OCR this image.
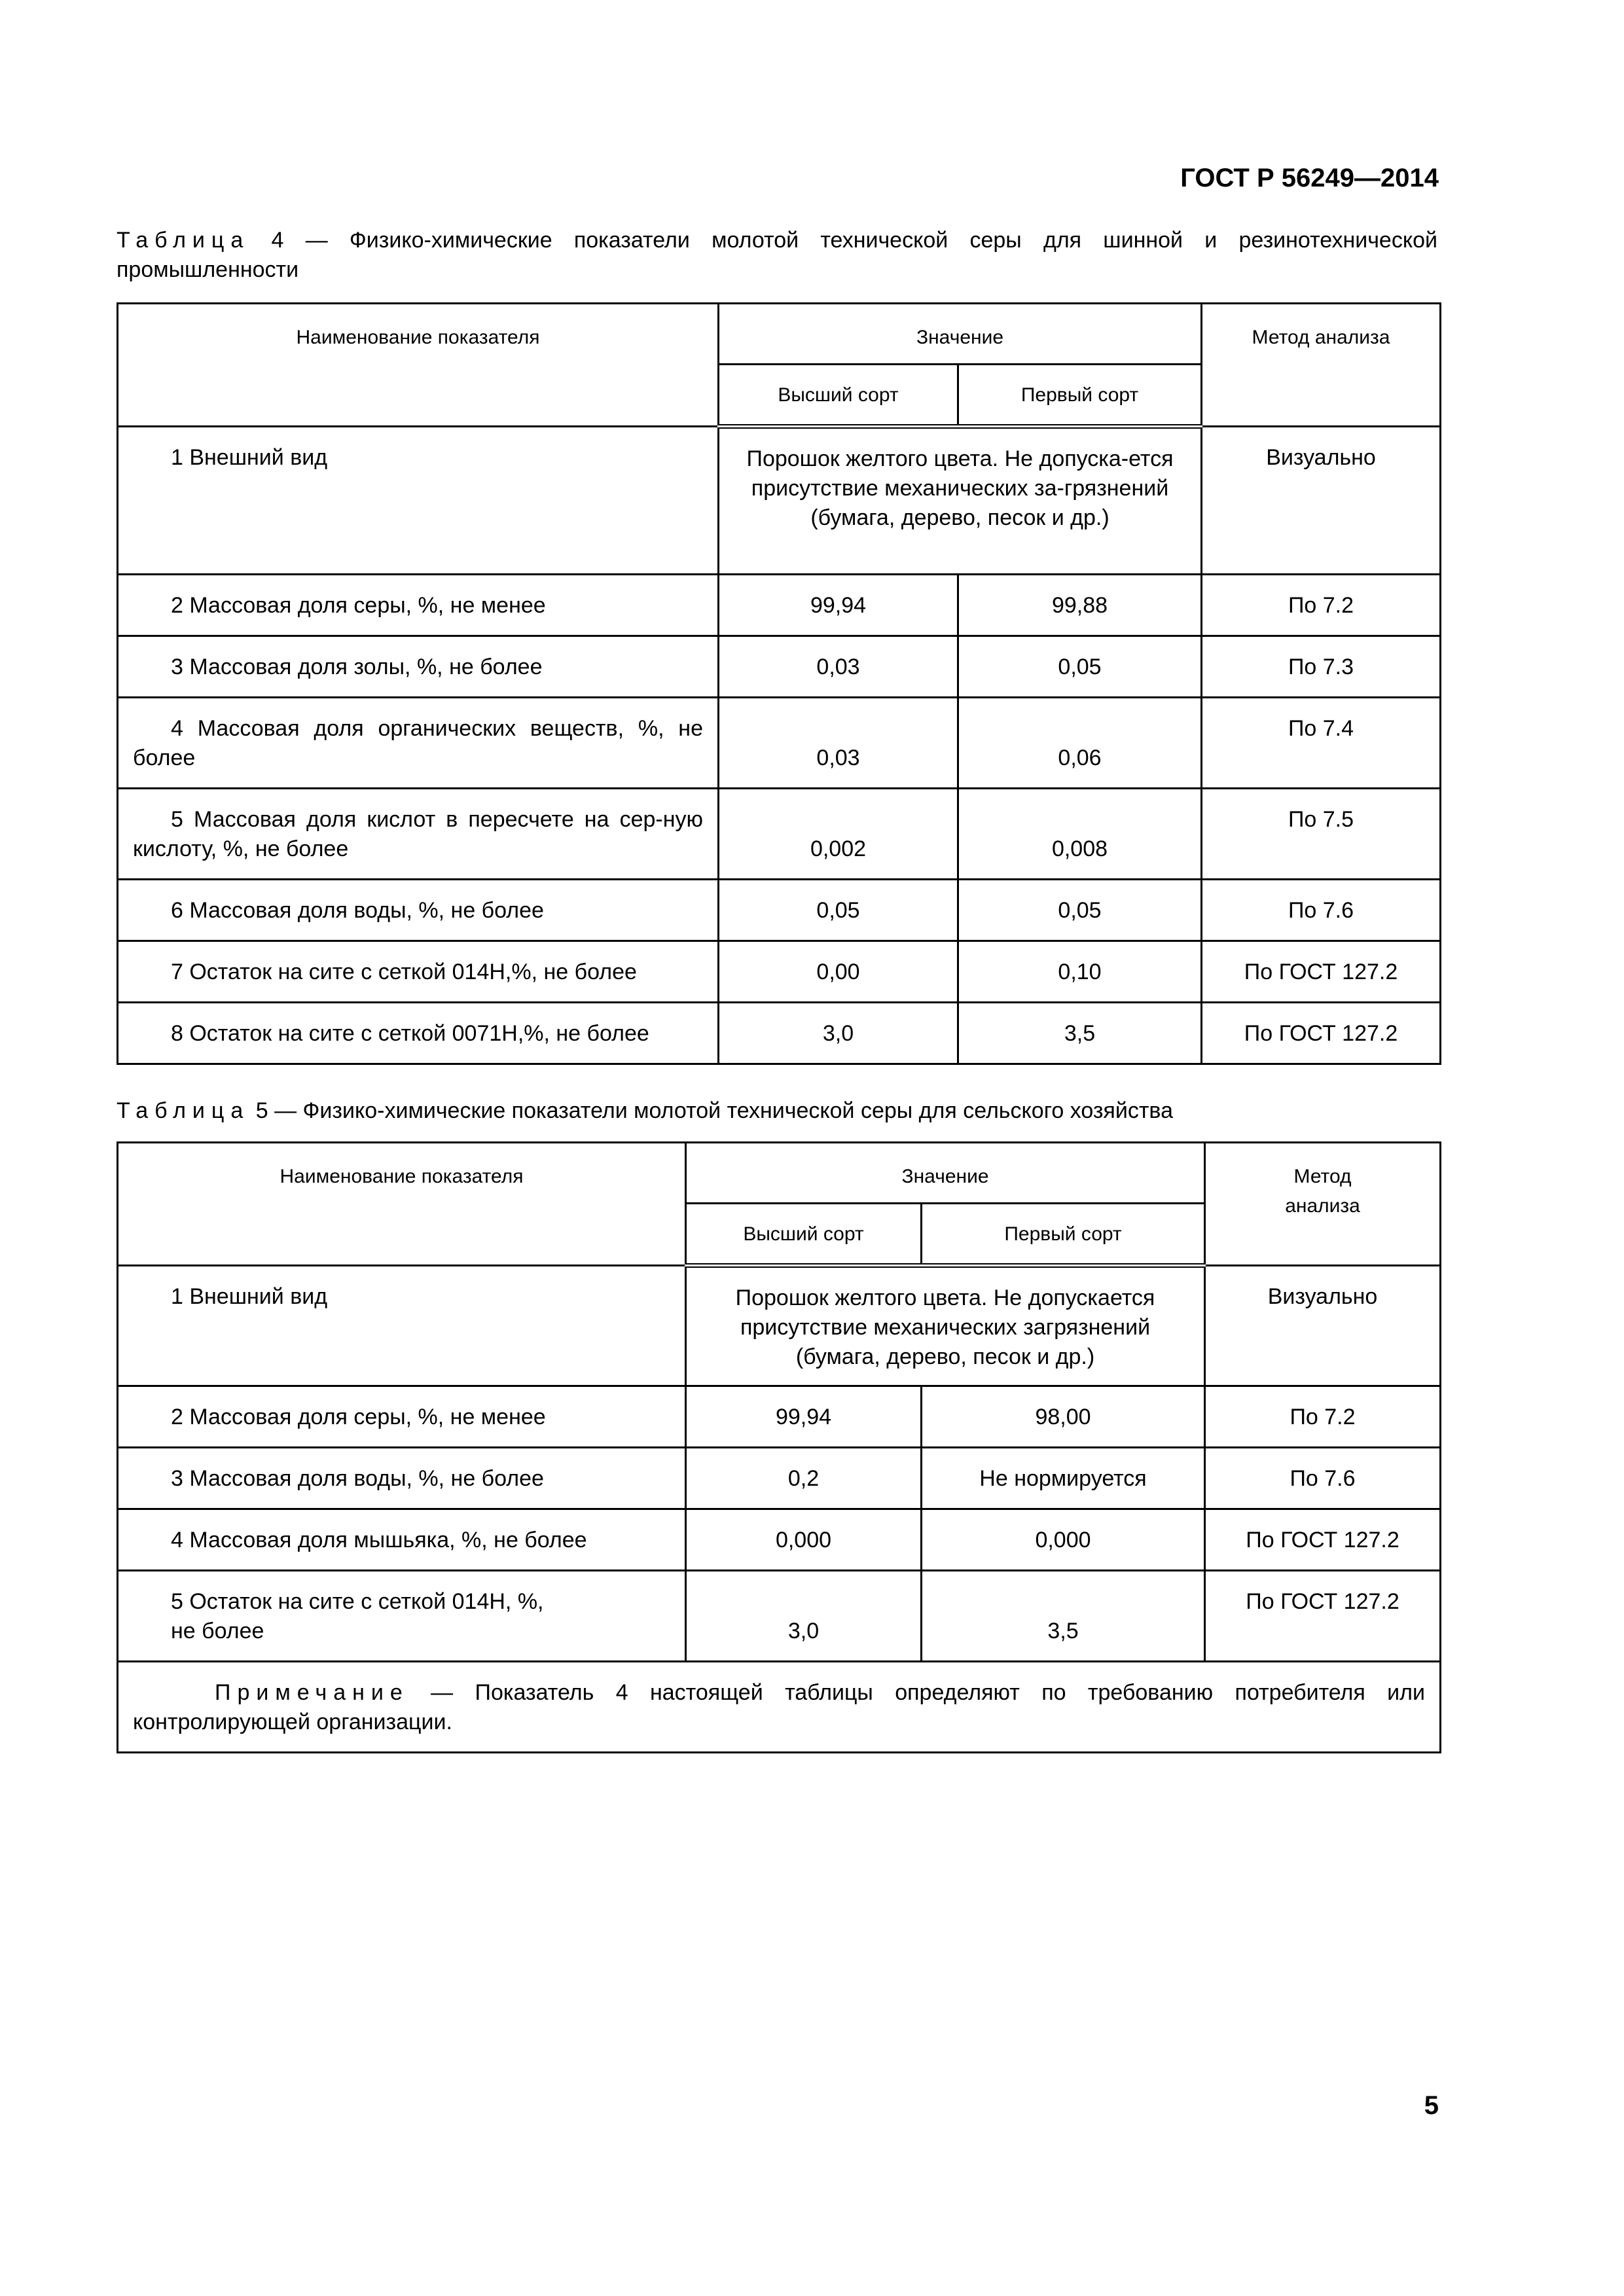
ГОСТ Р 56249—2014
Таблица 4 — Физико-химические показатели молотой технической серы для шинной и резинотехнической промышленности
Наименование показателя	Значение		Метод анализа
	Высший сорт	Первый сорт	
1 Внешний вид	Порошок желтого цвета. Не допуска-ется присутствие механических за-грязнений (бумага, дерево, песок и др.)		Визуально
2 Массовая доля серы, %, не менее	99,94	99,88	По 7.2
3 Массовая доля золы, %, не более	0,03	0,05	По 7.3
4 Массовая доля органических веществ, %, не более	0,03	0,06	По 7.4
5 Массовая доля кислот в пересчете на сер-ную кислоту, %, не более	0,002	0,008	По 7.5
6 Массовая доля воды, %, не более	0,05	0,05	По 7.6
7 Остаток на сите с сеткой 014Н,%, не более	0,00	0,10	По ГОСТ 127.2
8 Остаток на сите с сеткой 0071Н,%, не более	3,0	3,5	По ГОСТ 127.2
Таблица 5 — Физико-химические показатели молотой технической серы для сельского хозяйства
Наименование показателя	Значение		Метод анализа
	Высший сорт	Первый сорт	
1 Внешний вид	Порошок желтого цвета. Не допускается присутствие механических загрязнений (бумага, дерево, песок и др.)		Визуально
2 Массовая доля серы, %, не менее	99,94	98,00	По 7.2
3 Массовая доля воды, %, не более	0,2	Не нормируется	По 7.6
4 Массовая доля мышьяка, %, не более	0,000	0,000	По ГОСТ 127.2

5 Остаток на сите с сеткой 014Н, %,
не более	3,0	3,5	По ГОСТ 127.2
Примечание — Показатель 4 настоящей таблицы определяют по требованию потребителя или контролирующей организации.			
5
